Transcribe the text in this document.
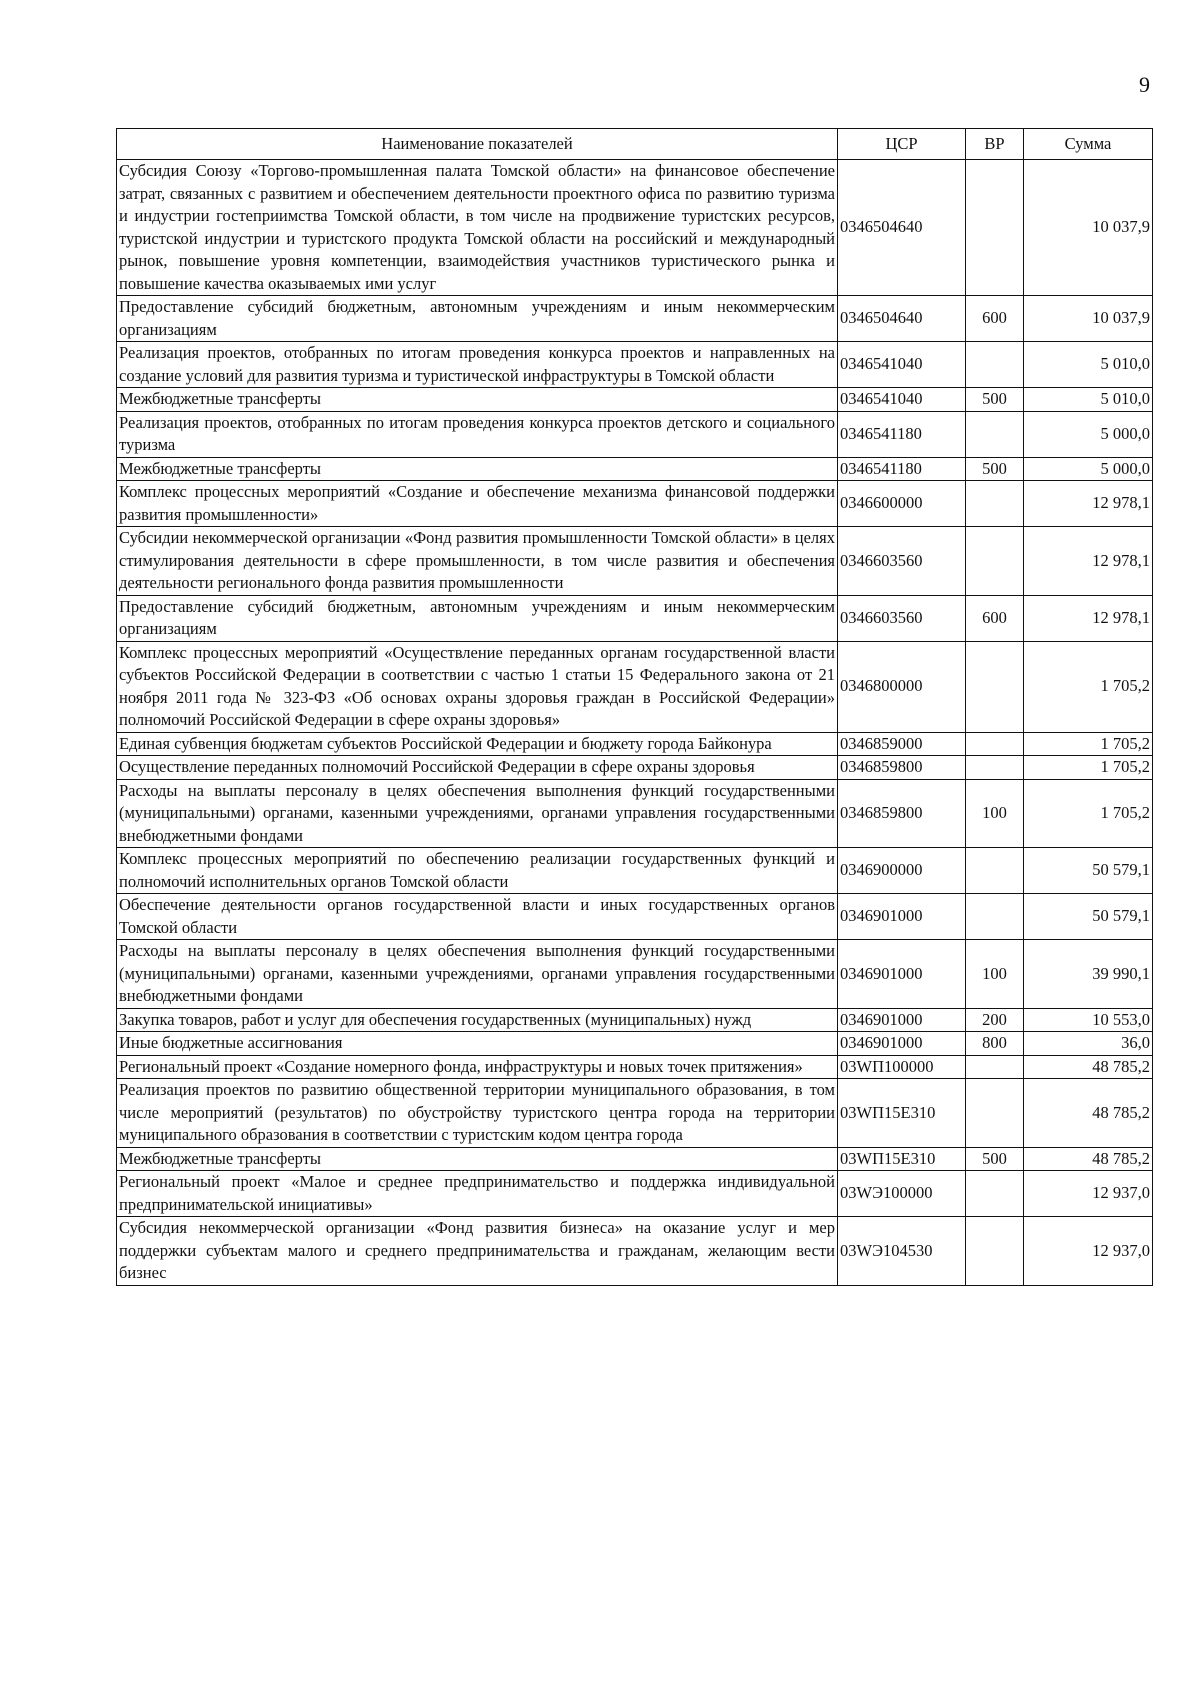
9
Наименование показателей	ЦСР	ВР	Сумма
Субсидия Союзу «Торгово-промышленная палата Томской области» на финансовое обеспечение затрат, связанных с развитием и обеспечением деятельности проектного офиса по развитию туризма и индустрии гостеприимства Томской области, в том числе на продвижение туристских ресурсов, туристской индустрии и туристского продукта Томской области на российский и международный рынок, повышение уровня компетенции, взаимодействия участников туристического рынка и повышение качества оказываемых ими услуг	0346504640		10 037,9
Предоставление субсидий бюджетным, автономным учреждениям и иным некоммерческим организациям	0346504640	600	10 037,9
Реализация проектов, отобранных по итогам проведения конкурса проектов и направленных на создание условий для развития туризма и туристической инфраструктуры в Томской области	0346541040		5 010,0
Межбюджетные трансферты	0346541040	500	5 010,0
Реализация проектов, отобранных по итогам проведения конкурса проектов детского и социального туризма	0346541180		5 000,0
Межбюджетные трансферты	0346541180	500	5 000,0
Комплекс процессных мероприятий «Создание и обеспечение механизма финансовой поддержки развития промышленности»	0346600000		12 978,1
Субсидии некоммерческой организации «Фонд развития промышленности Томской области» в целях стимулирования деятельности в сфере промышленности, в том числе развития и обеспечения деятельности регионального фонда развития промышленности	0346603560		12 978,1
Предоставление субсидий бюджетным, автономным учреждениям и иным некоммерческим организациям	0346603560	600	12 978,1
Комплекс процессных мероприятий «Осуществление переданных органам государственной власти субъектов Российской Федерации в соответствии с частью 1 статьи 15 Федерального закона от 21 ноября 2011 года № 323-ФЗ «Об основах охраны здоровья граждан в Российской Федерации» полномочий Российской Федерации в сфере охраны здоровья»	0346800000		1 705,2
Единая субвенция бюджетам субъектов Российской Федерации и бюджету города Байконура	0346859000		1 705,2
Осуществление переданных полномочий Российской Федерации в сфере охраны здоровья	0346859800		1 705,2
Расходы на выплаты персоналу в целях обеспечения выполнения функций государственными (муниципальными) органами, казенными учреждениями, органами управления государственными внебюджетными фондами	0346859800	100	1 705,2
Комплекс процессных мероприятий по обеспечению реализации государственных функций и полномочий исполнительных органов Томской области	0346900000		50 579,1
Обеспечение деятельности органов государственной власти и иных государственных органов Томской области	0346901000		50 579,1
Расходы на выплаты персоналу в целях обеспечения выполнения функций государственными (муниципальными) органами, казенными учреждениями, органами управления государственными внебюджетными фондами	0346901000	100	39 990,1
Закупка товаров, работ и услуг для обеспечения государственных (муниципальных) нужд	0346901000	200	10 553,0
Иные бюджетные ассигнования	0346901000	800	36,0
Региональный проект «Создание номерного фонда, инфраструктуры и новых точек притяжения»	03WП100000		48 785,2
Реализация проектов по развитию общественной территории муниципального образования, в том числе мероприятий (результатов) по обустройству туристского центра города на территории муниципального образования в соответствии с туристским кодом центра города	03WП15Е310		48 785,2
Межбюджетные трансферты	03WП15Е310	500	48 785,2
Региональный проект «Малое и среднее предпринимательство и поддержка индивидуальной предпринимательской инициативы»	03WЭ100000		12 937,0
Субсидия некоммерческой организации «Фонд развития бизнеса» на оказание услуг и мер поддержки субъектам малого и среднего предпринимательства и гражданам, желающим вести бизнес	03WЭ104530		12 937,0
